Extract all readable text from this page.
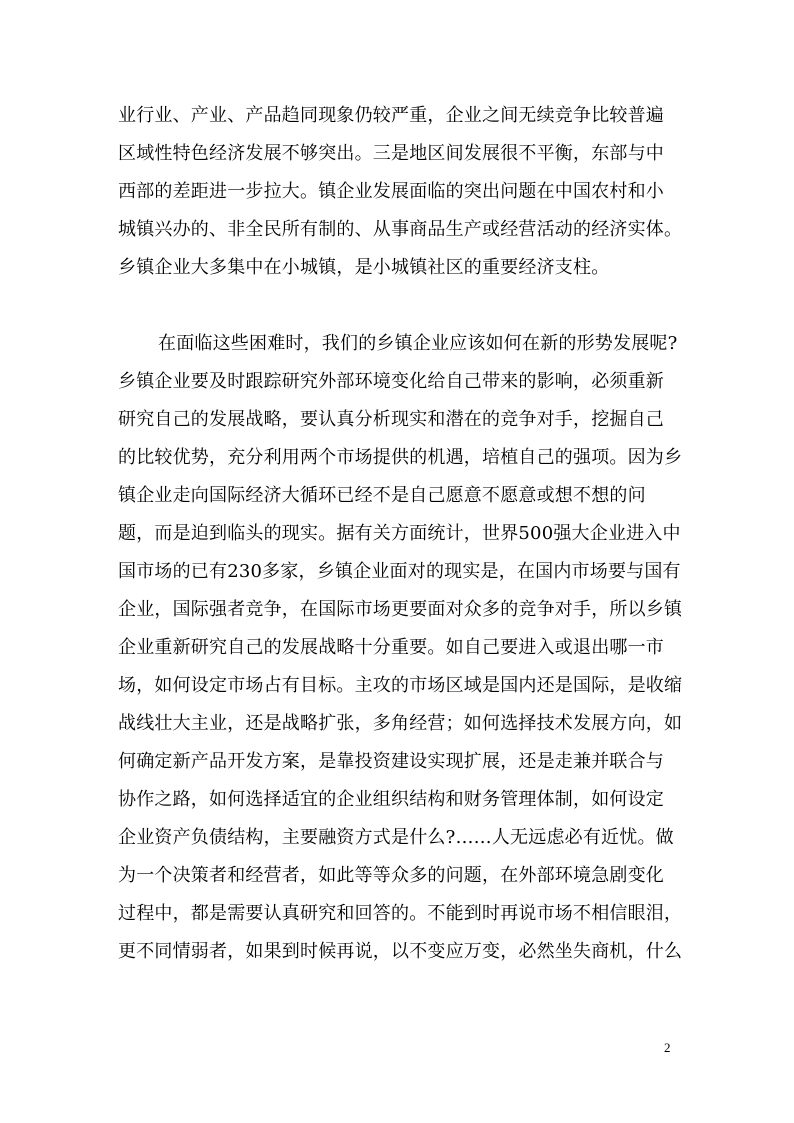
业行业、产业、产品趋同现象仍较严重，企业之间无续竞争比较普遍
区域性特色经济发展不够突出。三是地区间发展很不平衡，东部与中
西部的差距进一步拉大。镇企业发展面临的突出问题在中国农村和小
城镇兴办的、非全民所有制的、从事商品生产或经营活动的经济实体。
乡镇企业大多集中在小城镇，是小城镇社区的重要经济支柱。
在面临这些困难时，我们的乡镇企业应该如何在新的形势发展呢?
乡镇企业要及时跟踪研究外部环境变化给自己带来的影响，必须重新
研究自己的发展战略，要认真分析现实和潜在的竞争对手，挖掘自己
的比较优势，充分利用两个市场提供的机遇，培植自己的强项。因为乡
镇企业走向国际经济大循环已经不是自己愿意不愿意或想不想的问
题，而是迫到临头的现实。据有关方面统计，世界500强大企业进入中
国市场的已有230多家，乡镇企业面对的现实是，在国内市场要与国有
企业，国际强者竞争，在国际市场更要面对众多的竞争对手，所以乡镇
企业重新研究自己的发展战略十分重要。如自己要进入或退出哪一市
场，如何设定市场占有目标。主攻的市场区域是国内还是国际，是收缩
战线壮大主业，还是战略扩张，多角经营；如何选择技术发展方向，如
何确定新产品开发方案，是靠投资建设实现扩展，还是走兼并联合与
协作之路，如何选择适宜的企业组织结构和财务管理体制，如何设定
企业资产负债结构，主要融资方式是什么?……人无远虑必有近忧。做
为一个决策者和经营者，如此等等众多的问题，在外部环境急剧变化
过程中，都是需要认真研究和回答的。不能到时再说市场不相信眼泪，
更不同情弱者，如果到时候再说，以不变应万变，必然坐失商机，什么
2
